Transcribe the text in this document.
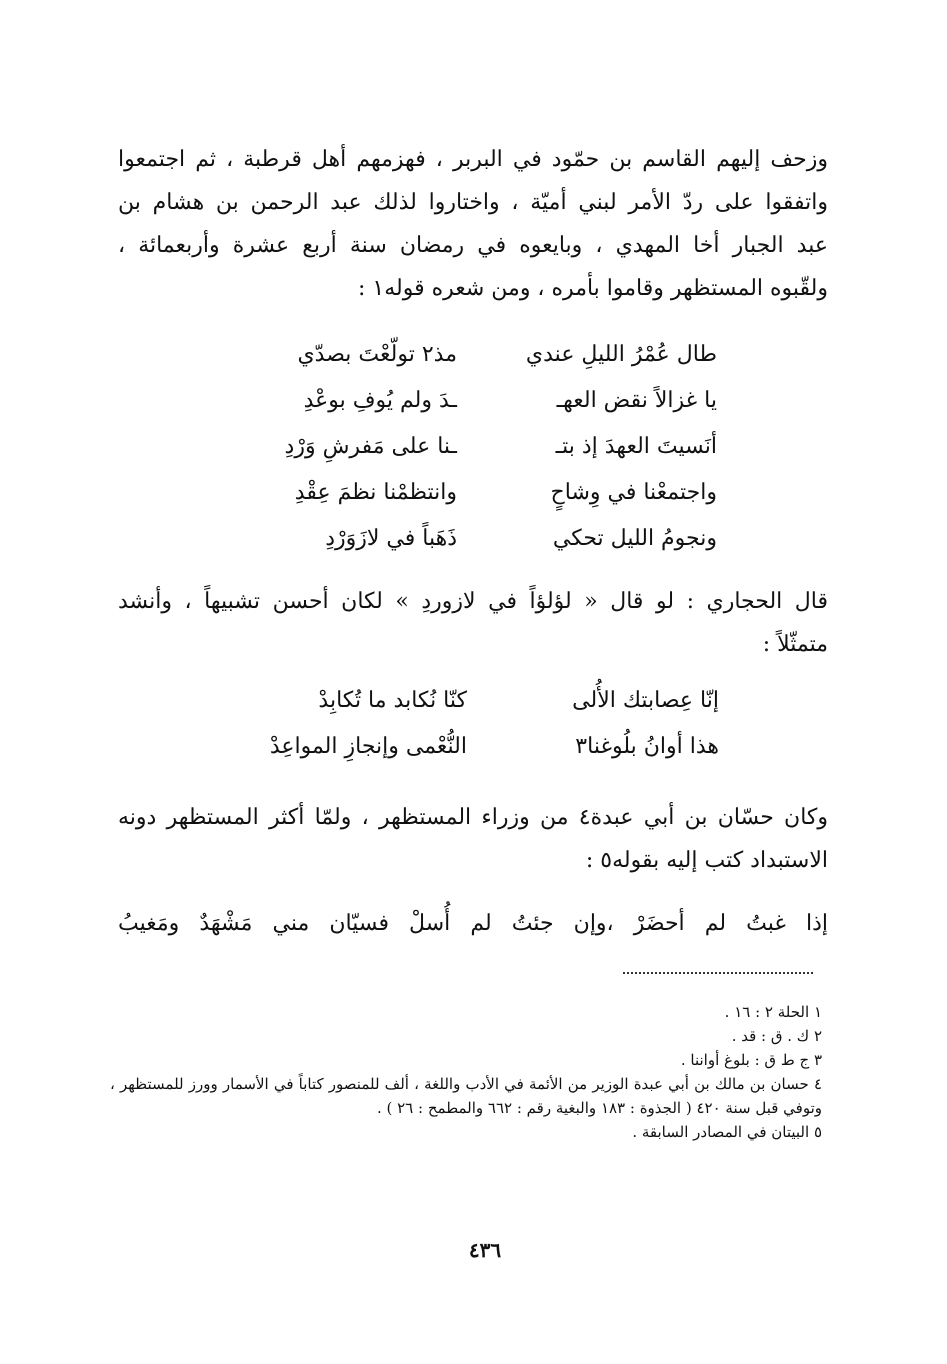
وزحف إليهم القاسم بن حمّود في البربر ، فهزمهم أهل قرطبة ، ثم اجتمعوا
واتفقوا على ردّ الأمر لبني أميّة ، واختاروا لذلك عبد الرحمن بن هشام بن
عبد الجبار أخا المهدي ، وبايعوه في رمضان سنة أربع عشرة وأربعمائة ،
ولقّبوه المستظهر وقاموا بأمره ، ومن شعره قوله١ :
طال عُمْرُ الليلِ عندي
مذ٢ تولّعْتَ بصدّي
يا غزالاً نقض العهـ
ـدَ ولم يُوفِ بوعْدِ
أنَسيتَ العهدَ إذ بتـ
ـنا على مَفرشِ وَرْدِ
واجتمعْنا في وِشاحٍ
وانتظمْنا نظمَ عِقْدِ
ونجومُ الليل تحكي
ذَهَباً في لازَوَرْدِ
قال الحجاري : لو قال « لؤلؤاً في لازوردِ » لكان أحسن تشبيهاً ، وأنشد
متمثّلاً :
إنّا عِصابتك الأُلى
كنّا نُكابد ما تُكابِدْ
هذا أوانُ بلُوغنا٣
النُّعْمى وإنجازِ المواعِدْ
وكان حسّان بن أبي عبدة٤ من وزراء المستظهر ، ولمّا أكثر المستظهر دونه
الاستبداد كتب إليه بقوله٥ :
إذا غبتُ لم أحضَرْ ،وإن جئتُ لم أُسلْ فسيّان مني مَشْهَدٌ ومَغيبُ
١ الحلة ٢ : ١٦ .
٢ ك . ق : قد .
٣ ج ط ق : بلوغ أواننا .
٤ حسان بن مالك بن أبي عبدة الوزير من الأئمة في الأدب واللغة ، ألف للمنصور كتاباً في الأسمار وورز للمستظهر ، وتوفي قبل سنة ٤٢٠ ( الجذوة : ١٨٣ والبغية رقم : ٦٦٢ والمطمح : ٢٦ ) .
٥ البيتان في المصادر السابقة .
٤٣٦
